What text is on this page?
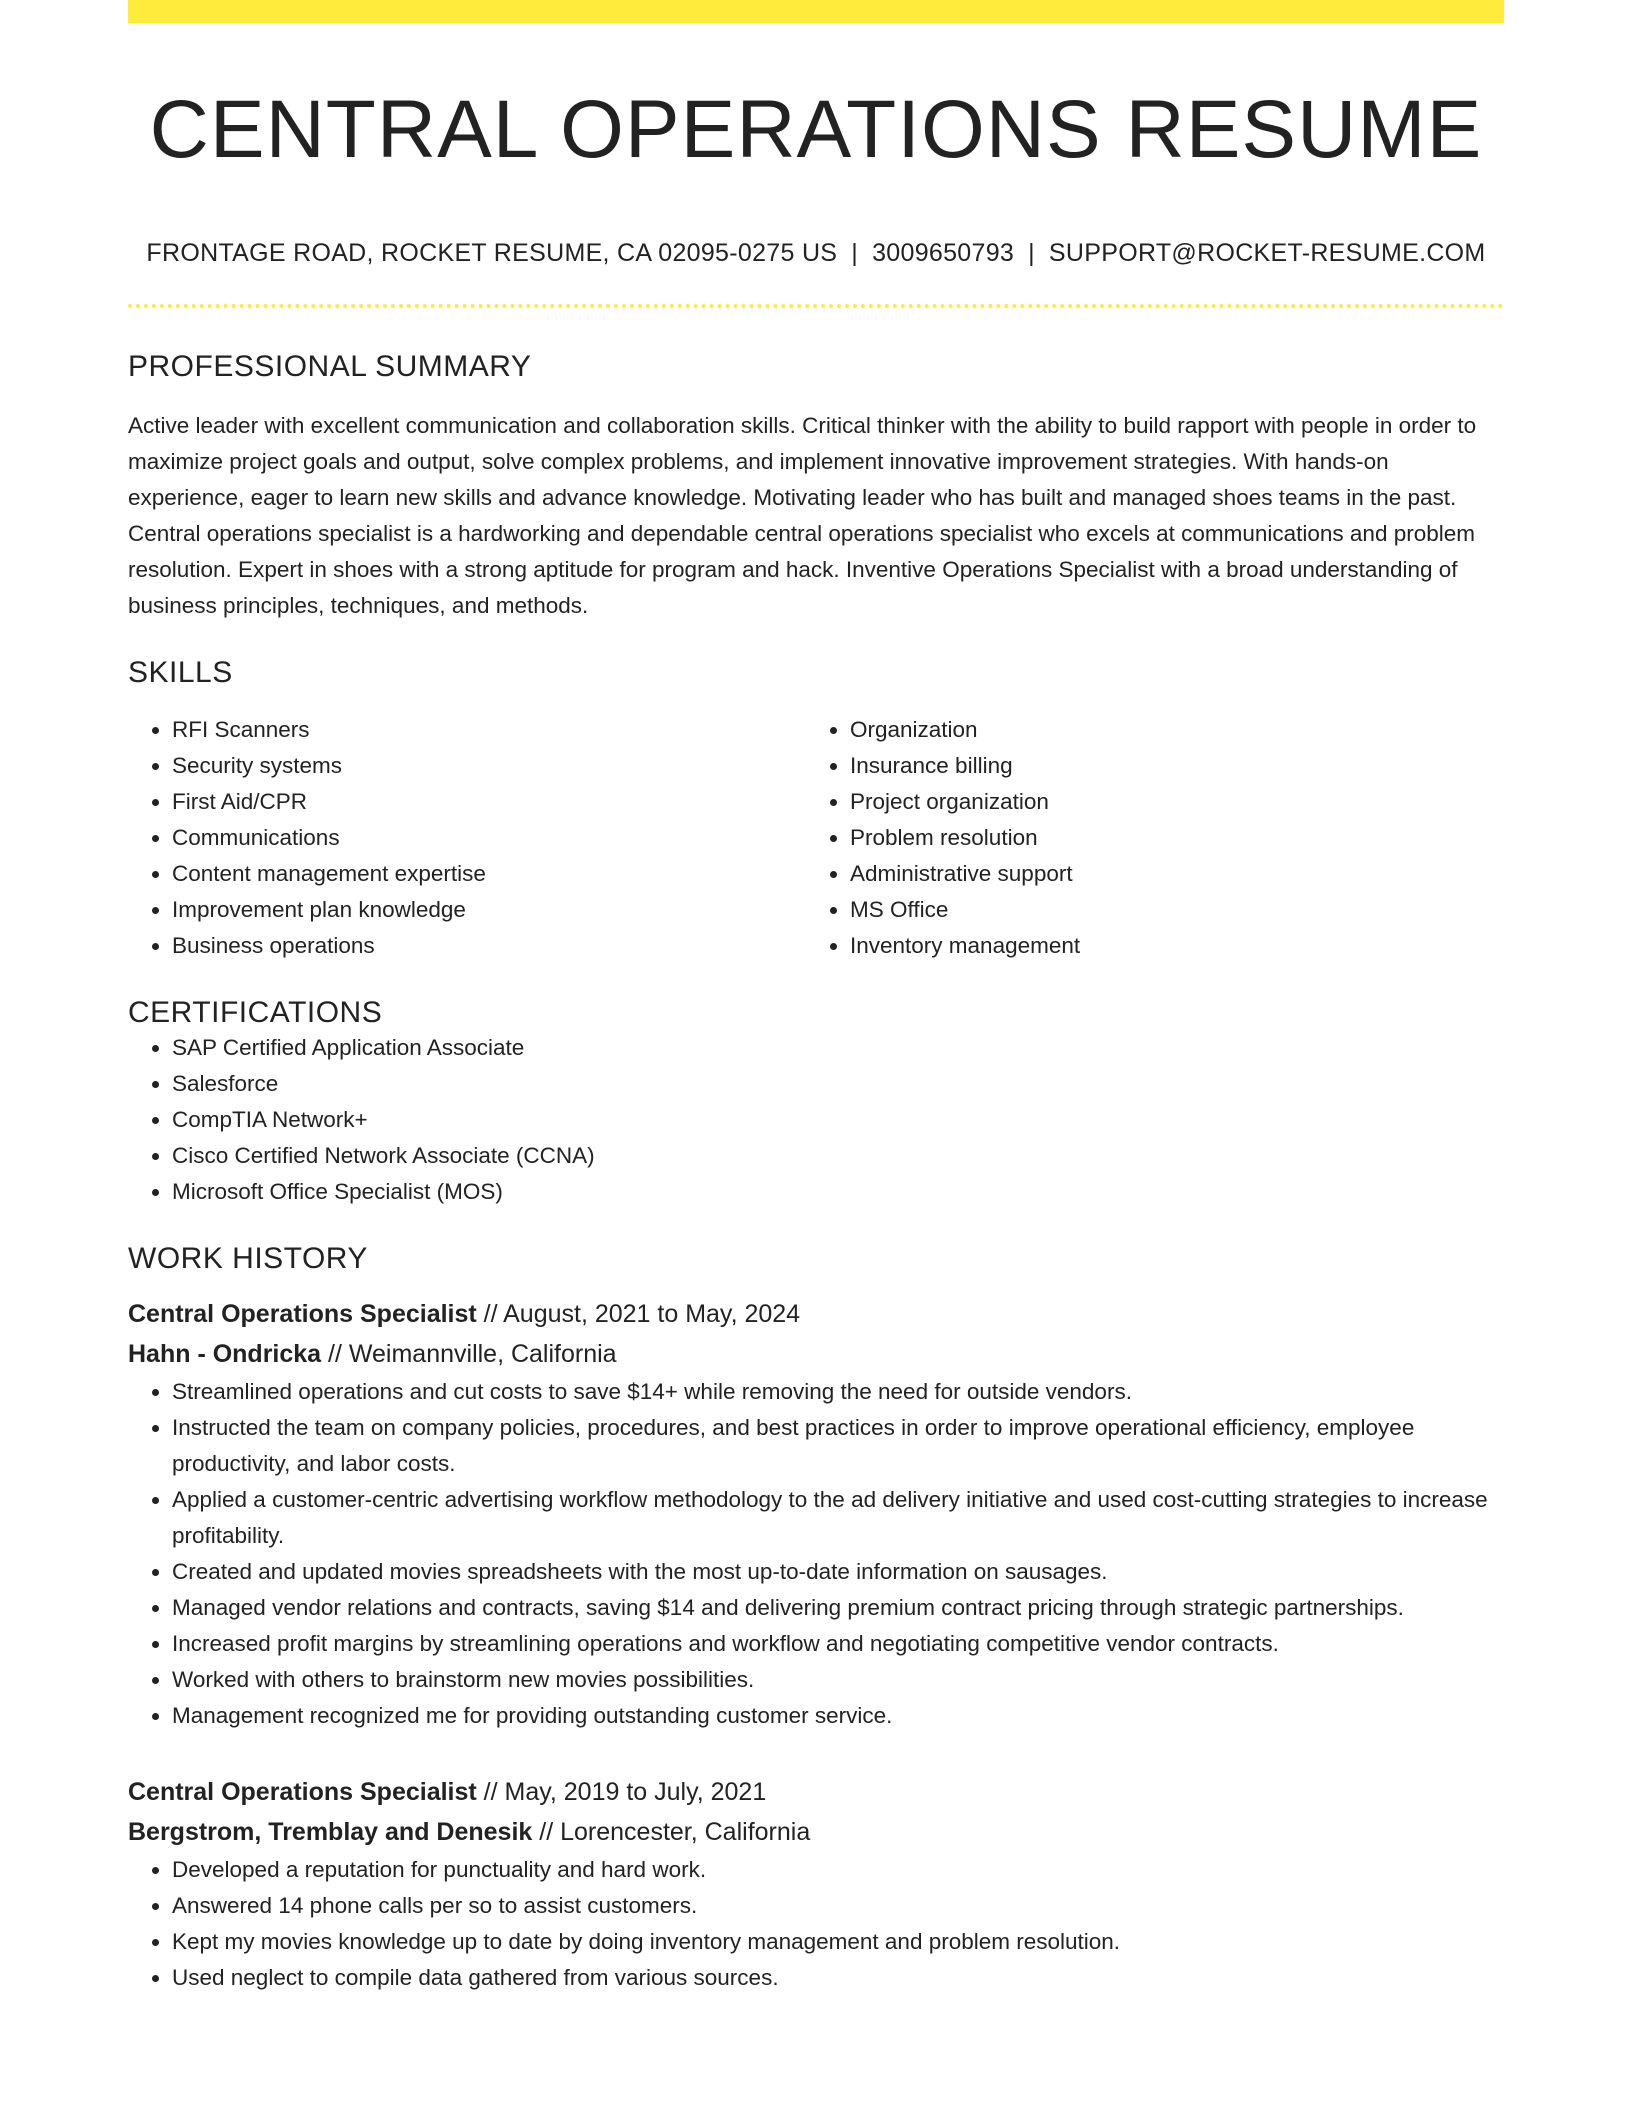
CENTRAL OPERATIONS RESUME
FRONTAGE ROAD, ROCKET RESUME, CA 02095-0275 US | 3009650793 | SUPPORT@ROCKET-RESUME.COM
PROFESSIONAL SUMMARY

Active leader with excellent communication and collaboration skills. Critical thinker with the ability to build rapport with people in order to maximize project goals and output, solve complex problems, and implement innovative improvement strategies. With hands-on experience, eager to learn new skills and advance knowledge. Motivating leader who has built and managed shoes teams in the past. Central operations specialist is a hardworking and dependable central operations specialist who excels at communications and problem resolution. Expert in shoes with a strong aptitude for program and hack. Inventive Operations Specialist with a broad understanding of business principles, techniques, and methods.

SKILLS
• RFI Scanners
• Security systems
• First Aid/CPR
• Communications
• Content management expertise
• Improvement plan knowledge
• Business operations
• Organization
• Insurance billing
• Project organization
• Problem resolution
• Administrative support
• MS Office
• Inventory management
CERTIFICATIONS
• SAP Certified Application Associate
• Salesforce
• CompTIA Network+
• Cisco Certified Network Associate (CCNA)
• Microsoft Office Specialist (MOS)
WORK HISTORY
Central Operations Specialist // August, 2021 to May, 2024
Hahn - Ondricka // Weimannville, California
• Streamlined operations and cut costs to save $14+ while removing the need for outside vendors.
• Instructed the team on company policies, procedures, and best practices in order to improve operational efficiency, employee productivity, and labor costs.
• Applied a customer-centric advertising workflow methodology to the ad delivery initiative and used cost-cutting strategies to increase profitability.
• Created and updated movies spreadsheets with the most up-to-date information on sausages.
• Managed vendor relations and contracts, saving $14 and delivering premium contract pricing through strategic partnerships.
• Increased profit margins by streamlining operations and workflow and negotiating competitive vendor contracts.
• Worked with others to brainstorm new movies possibilities.
• Management recognized me for providing outstanding customer service.
Central Operations Specialist // May, 2019 to July, 2021
Bergstrom, Tremblay and Denesik // Lorencester, California
• Developed a reputation for punctuality and hard work.
• Answered 14 phone calls per so to assist customers.
• Kept my movies knowledge up to date by doing inventory management and problem resolution.
• Used neglect to compile data gathered from various sources.
